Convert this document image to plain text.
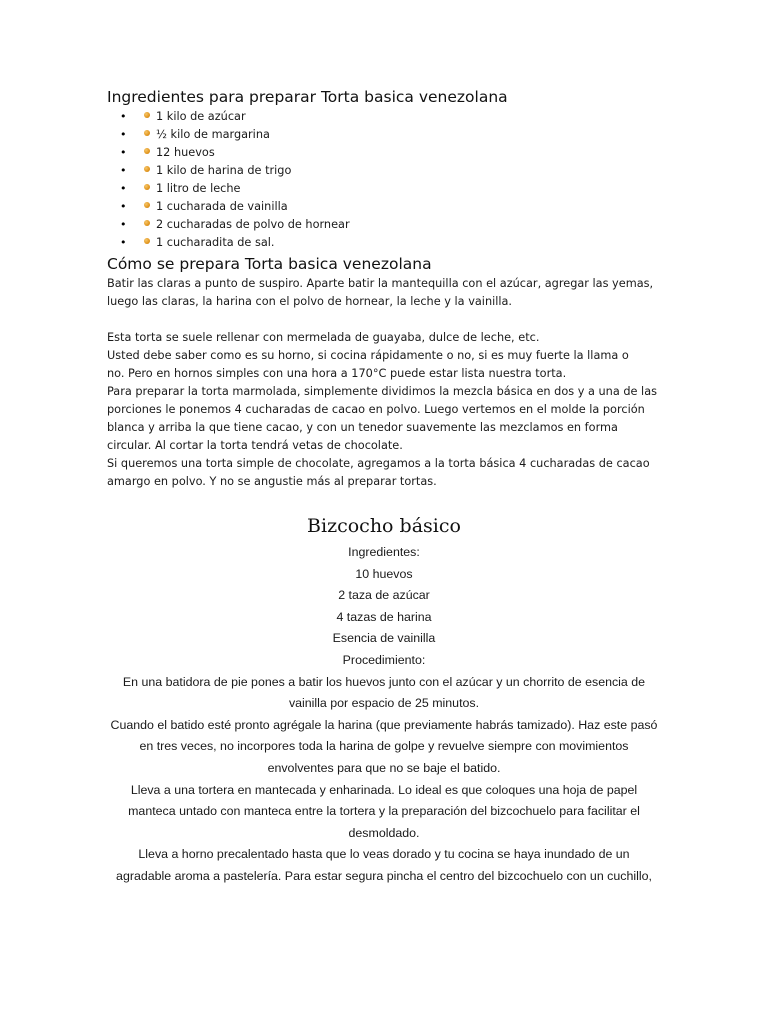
Ingredientes para preparar Torta basica venezolana
•	1 kilo de azúcar
•	½ kilo de margarina
•	12 huevos
•	1 kilo de harina de trigo
•	1 litro de leche
•	1 cucharada de vainilla
•	2 cucharadas de polvo de hornear
•	1 cucharadita de sal.
Cómo se prepara Torta basica venezolana

Batir las claras a punto de suspiro. Aparte batir la mantequilla con el azúcar, agregar las yemas,

luego las claras, la harina con el polvo de hornear, la leche y la vainilla.

Esta torta se suele rellenar con mermelada de guayaba, dulce de leche, etc.

Usted debe saber como es su horno, si cocina rápidamente o no, si es muy fuerte la llama o

no. Pero en hornos simples con una hora a 170°C puede estar lista nuestra torta.

Para preparar la torta marmolada, simplemente dividimos la mezcla básica en dos y a una de las

porciones le ponemos 4 cucharadas de cacao en polvo. Luego vertemos en el molde la porción

blanca y arriba la que tiene cacao, y con un tenedor suavemente las mezclamos en forma

circular. Al cortar la torta tendrá vetas de chocolate.

Si queremos una torta simple de chocolate, agregamos a la torta básica 4 cucharadas de cacao

amargo en polvo. Y no se angustie más al preparar tortas.

Bizcocho básico

Ingredientes:

10 huevos

2 taza de azúcar

4 tazas de harina

Esencia de vainilla

Procedimiento:

En una batidora de pie pones a batir los huevos junto con el azúcar y un chorrito de esencia de

vainilla por espacio de 25 minutos.

Cuando el batido esté pronto agrégale la harina (que previamente habrás tamizado). Haz este pasó

en tres veces, no incorpores toda la harina de golpe y revuelve siempre con movimientos

envolventes para que no se baje el batido.

Lleva a una tortera en mantecada y enharinada. Lo ideal es que coloques una hoja de papel

manteca untado con manteca entre la tortera y la preparación del bizcochuelo para facilitar el

desmoldado.

Lleva a horno precalentado hasta que lo veas dorado y tu cocina se haya inundado de un

agradable aroma a pastelería. Para estar segura pincha el centro del bizcochuelo con un cuchillo,
